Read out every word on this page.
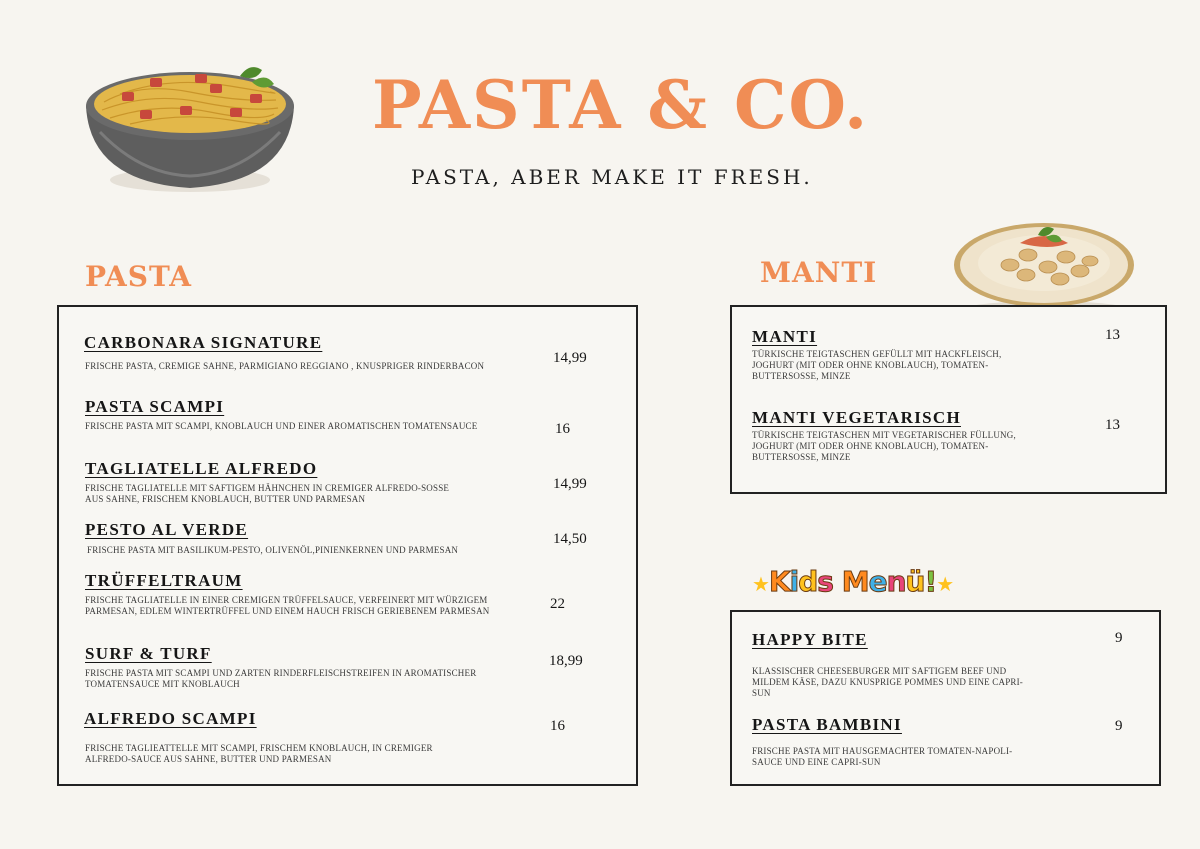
PASTA & CO.
PASTA, ABER MAKE IT FRESH.
PASTA
CARBONARA SIGNATURE
FRISCHE PASTA, CREMIGE SAHNE, PARMIGIANO REGGIANO , KNUSPRIGER RINDERBACON	14,99
PASTA SCAMPI
FRISCHE PASTA MIT SCAMPI, KNOBLAUCH UND EINER AROMATISCHEN TOMATENSAUCE	16
TAGLIATELLE ALFREDO
FRISCHE TAGLIATELLE MIT SAFTIGEM HÄHNCHEN IN CREMIGER ALFREDO-SOSSE AUS SAHNE, FRISCHEM KNOBLAUCH, BUTTER UND PARMESAN
14,99
PESTO AL VERDE
FRISCHE PASTA MIT BASILIKUM-PESTO, OLIVENÖL,PINIENKERNEN UND PARMESAN
14,50
TRÜFFELTRAUM
FRISCHE TAGLIATELLE IN EINER CREMIGEN TRÜFFELSAUCE, VERFEINERT MIT WÜRZIGEM PARMESAN, EDLEM WINTERTRÜFFEL UND EINEM HAUCH FRISCH GERIEBENEM PARMESAN	22
SURF & TURF
FRISCHE PASTA MIT SCAMPI UND ZARTEN RINDERFLEISCHSTREIFEN IN AROMATISCHER TOMATENSAUCE MIT KNOBLAUCH
18,99
ALFREDO SCAMPI
FRISCHE TAGLIEATTELLE MIT SCAMPI, FRISCHEM KNOBLAUCH, IN CREMIGER ALFREDO-SAUCE AUS SAHNE, BUTTER UND PARMESAN
16
MANTI
MANTI
TÜRKISCHE TEIGTASCHEN GEFÜLLT MIT HACKFLEISCH, JOGHURT (MIT ODER OHNE KNOBLAUCH), TOMATEN-BUTTERSOSSE, MINZE
13
MANTI VEGETARISCH
TÜRKISCHE TEIGTASCHEN MIT VEGETARISCHER FÜLLUNG, JOGHURT (MIT ODER OHNE KNOBLAUCH), TOMATEN-BUTTERSOSSE, MINZE
13
★Kids Menü!★
HAPPY BITE
KLASSISCHER CHEESEBURGER MIT SAFTIGEM BEEF UND MILDEM KÄSE, DAZU KNUSPRIGE POMMES UND EINE CAPRI-SUN
9
PASTA BAMBINI
FRISCHE PASTA MIT HAUSGEMACHTER TOMATEN-NAPOLI-SAUCE UND EINE CAPRI-SUN
9
